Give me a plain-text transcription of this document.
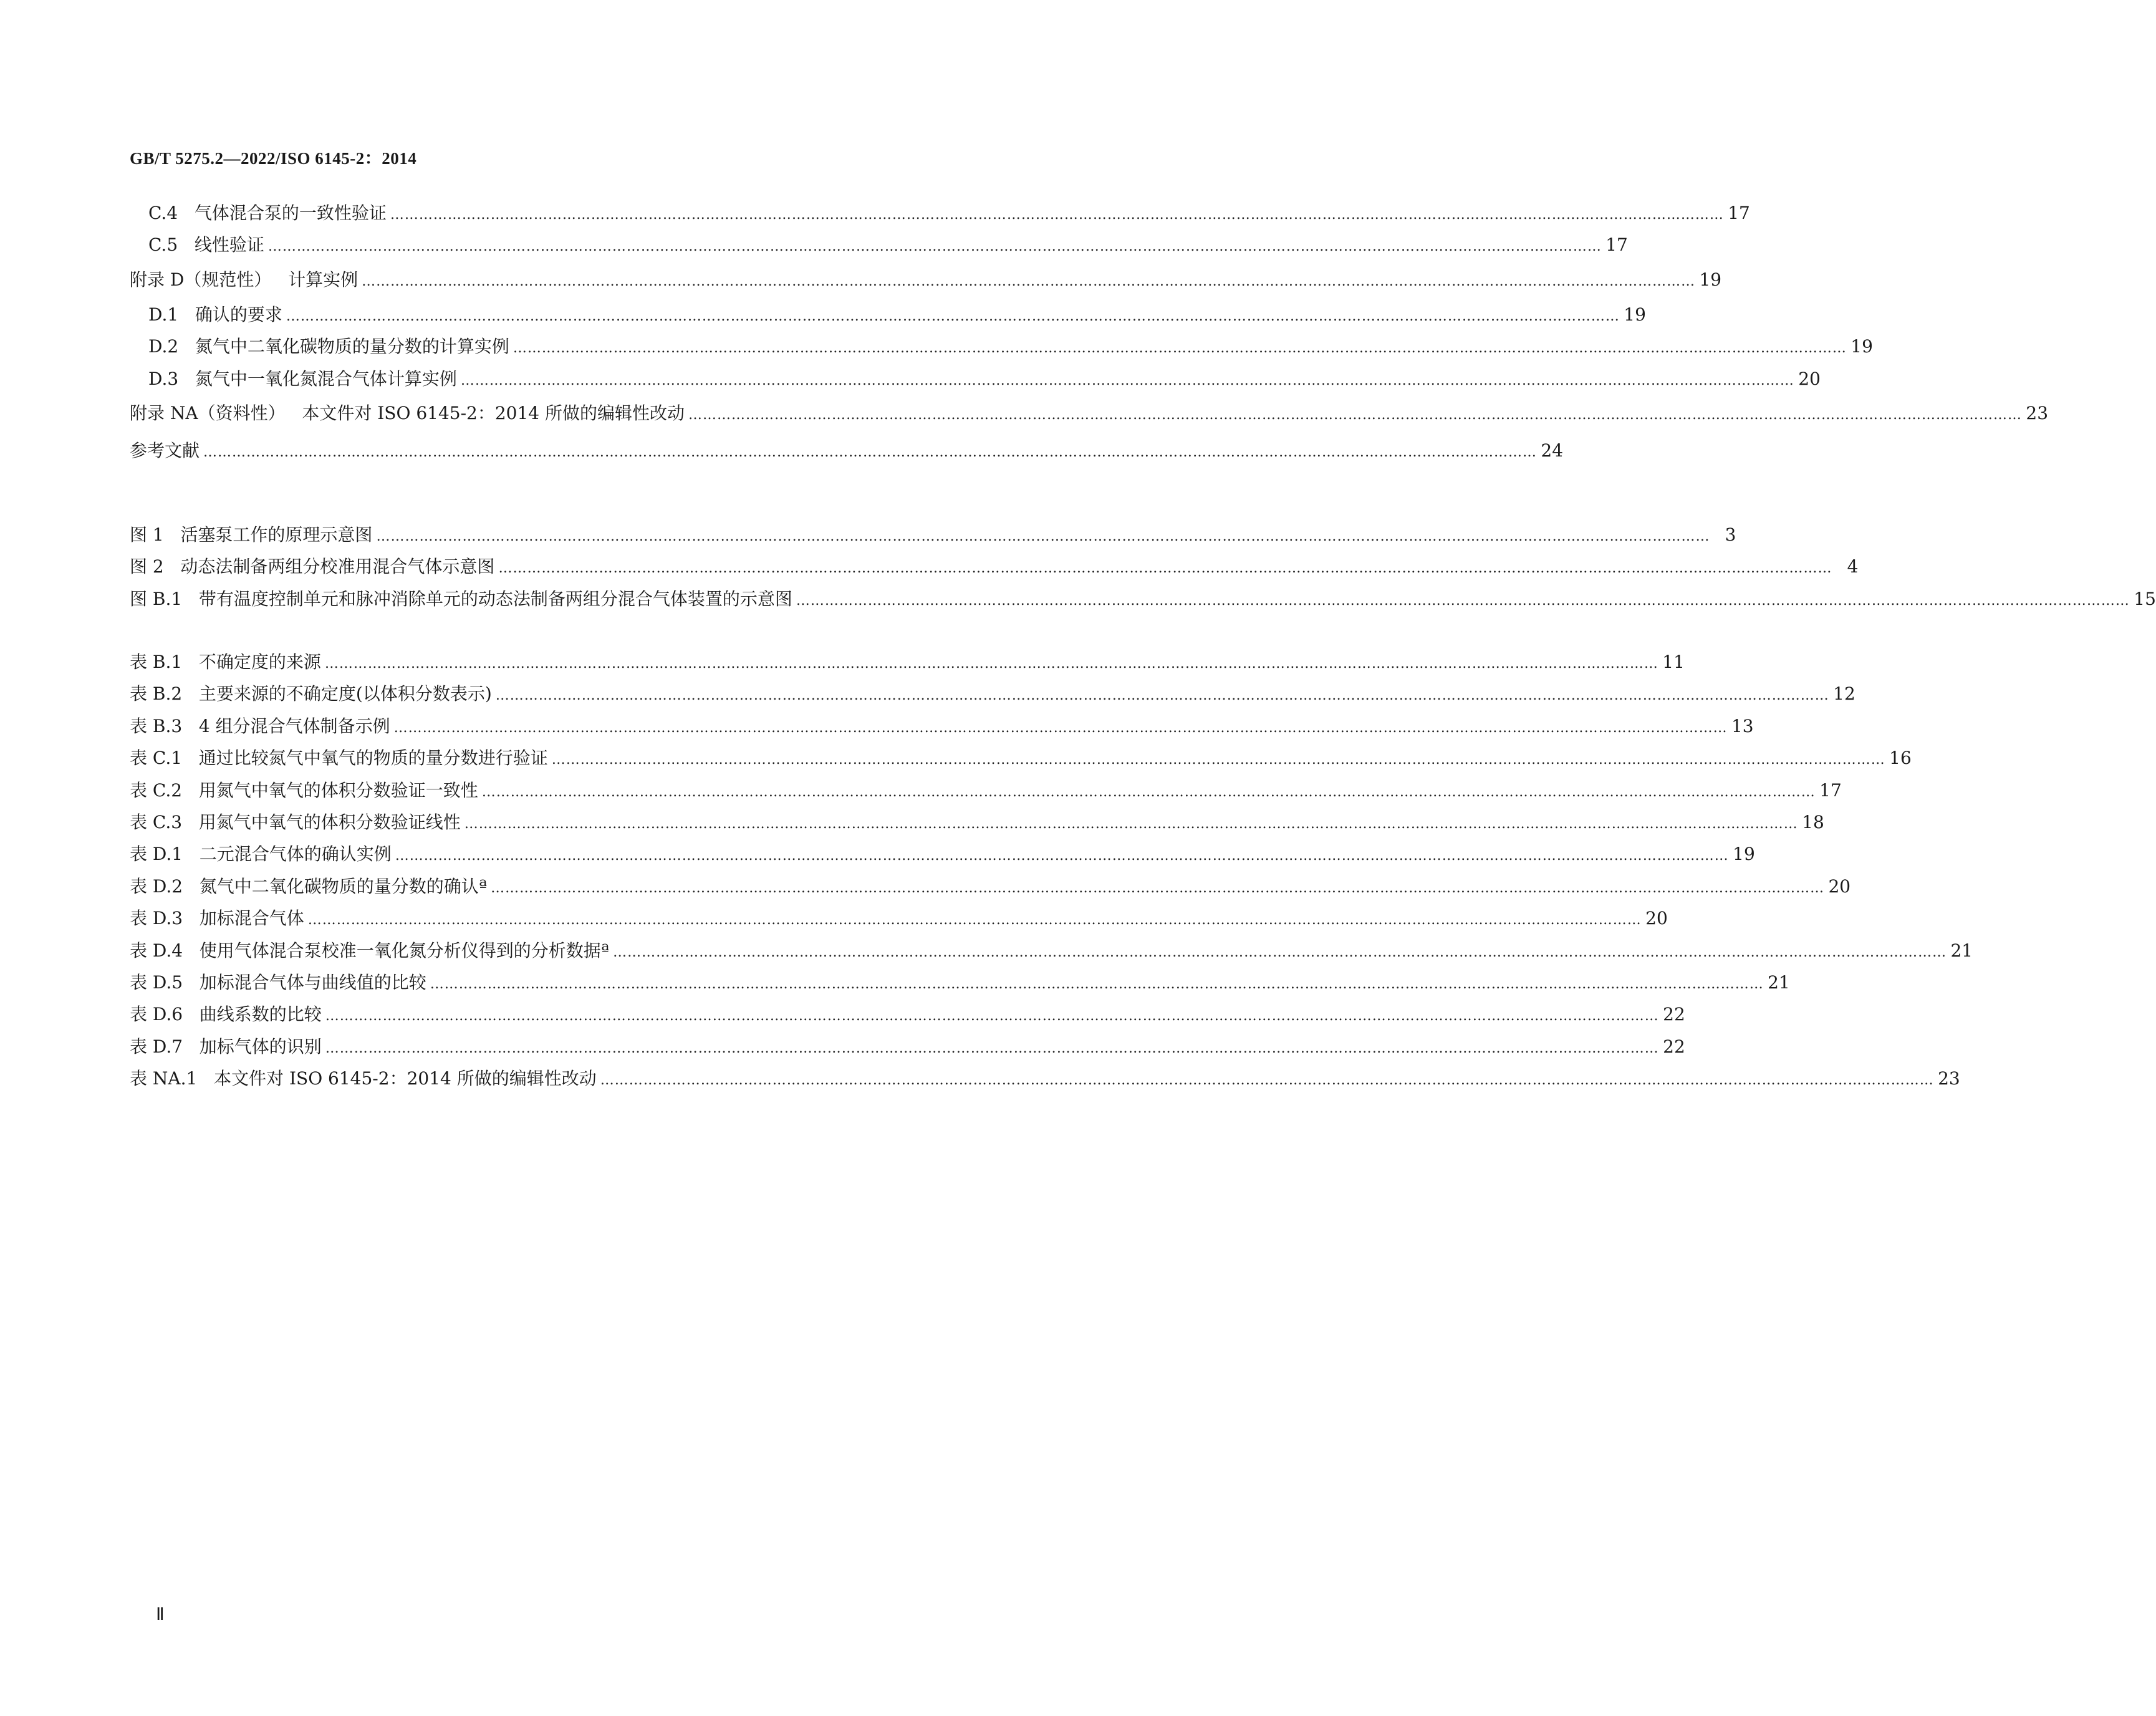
GB/T 5275.2—2022/ISO 6145-2：2014
C.4
气体混合泵的一致性验证 ……………………………………………………………………………………………………………………………………………………………………………………………………………………………………………………… 17
C.5
线性验证 ……………………………………………………………………………………………………………………………………………………………………………………………………………………………………………………… 17
附录 D（规范性）
计算实例 ……………………………………………………………………………………………………………………………………………………………………………………………………………………………………………………… 19
D.1
确认的要求 ……………………………………………………………………………………………………………………………………………………………………………………………………………………………………………………… 19
D.2
氮气中二氧化碳物质的量分数的计算实例 ……………………………………………………………………………………………………………………………………………………………………………………………………………………………………………………… 19
D.3
氮气中一氧化氮混合气体计算实例 ……………………………………………………………………………………………………………………………………………………………………………………………………………………………………………………… 20
附录 NA（资料性）
本文件对 ISO 6145-2：2014 所做的编辑性改动 ……………………………………………………………………………………………………………………………………………………………………………………………………………………………………………………… 23
参考文献 ……………………………………………………………………………………………………………………………………………………………………………………………………………………………………………………… 24
图 1
活塞泵工作的原理示意图 ……………………………………………………………………………………………………………………………………………………………………………………………………………………………………………………… 3
图 2
动态法制备两组分校准用混合气体示意图 ……………………………………………………………………………………………………………………………………………………………………………………………………………………………………………………… 4
图 B.1
带有温度控制单元和脉冲消除单元的动态法制备两组分混合气体装置的示意图 ……………………………………………………………………………………………………………………………………………………………………………………………………………………………………………………… 15
表 B.1
不确定度的来源 ……………………………………………………………………………………………………………………………………………………………………………………………………………………………………………………… 11
表 B.2
主要来源的不确定度(以体积分数表示) ……………………………………………………………………………………………………………………………………………………………………………………………………………………………………………………… 12
表 B.3
4 组分混合气体制备示例 ……………………………………………………………………………………………………………………………………………………………………………………………………………………………………………………… 13
表 C.1
通过比较氮气中氧气的物质的量分数进行验证 ……………………………………………………………………………………………………………………………………………………………………………………………………………………………………………………… 16
表 C.2
用氮气中氧气的体积分数验证一致性 ……………………………………………………………………………………………………………………………………………………………………………………………………………………………………………………… 17
表 C.3
用氮气中氧气的体积分数验证线性 ……………………………………………………………………………………………………………………………………………………………………………………………………………………………………………………… 18
表 D.1
二元混合气体的确认实例 ……………………………………………………………………………………………………………………………………………………………………………………………………………………………………………………… 19
表 D.2
氮气中二氧化碳物质的量分数的确认ª ……………………………………………………………………………………………………………………………………………………………………………………………………………………………………………………… 20
表 D.3
加标混合气体 ……………………………………………………………………………………………………………………………………………………………………………………………………………………………………………………… 20
表 D.4
使用气体混合泵校准一氧化氮分析仪得到的分析数据ª ……………………………………………………………………………………………………………………………………………………………………………………………………………………………………………………… 21
表 D.5
加标混合气体与曲线值的比较 ……………………………………………………………………………………………………………………………………………………………………………………………………………………………………………………… 21
表 D.6
曲线系数的比较 ……………………………………………………………………………………………………………………………………………………………………………………………………………………………………………………… 22
表 D.7
加标气体的识别 ……………………………………………………………………………………………………………………………………………………………………………………………………………………………………………………… 22
表 NA.1
本文件对 ISO 6145-2：2014 所做的编辑性改动 ……………………………………………………………………………………………………………………………………………………………………………………………………………………………………………………… 23
Ⅱ
